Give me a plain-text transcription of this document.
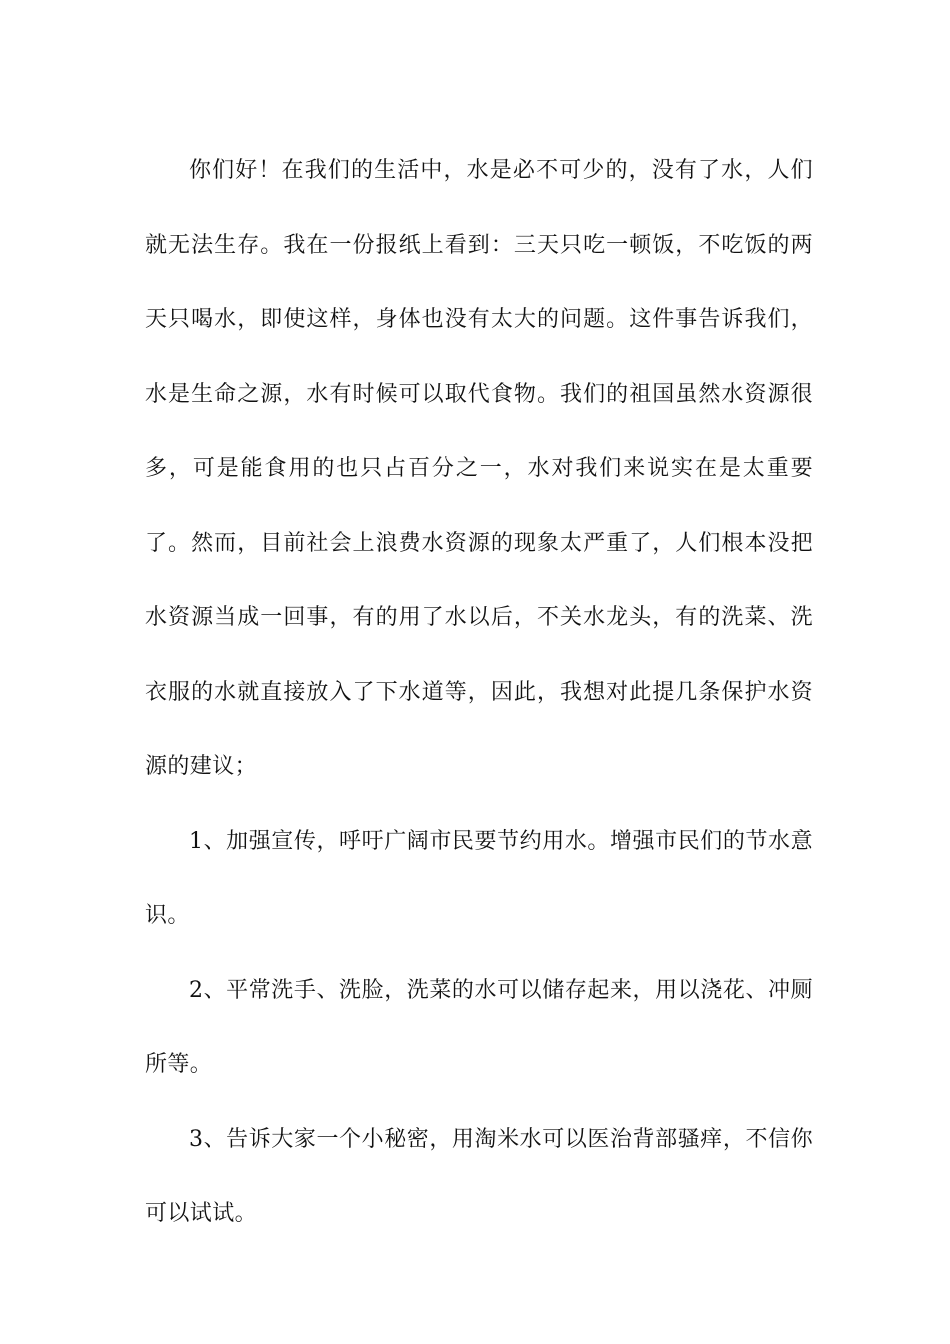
你们好！在我们的生活中，水是必不可少的，没有了水，人们就无法生存。我在一份报纸上看到：三天只吃一顿饭，不吃饭的两天只喝水，即使这样，身体也没有太大的问题。这件事告诉我们，水是生命之源，水有时候可以取代食物。我们的祖国虽然水资源很多，可是能食用的也只占百分之一，水对我们来说实在是太重要了。然而，目前社会上浪费水资源的现象太严重了，人们根本没把水资源当成一回事，有的用了水以后，不关水龙头，有的洗菜、洗衣服的水就直接放入了下水道等，因此，我想对此提几条保护水资源的建议；

1、加强宣传，呼吁广阔市民要节约用水。增强市民们的节水意识。

2、平常洗手、洗脸，洗菜的水可以储存起来，用以浇花、冲厕所等。

3、告诉大家一个小秘密，用淘米水可以医治背部骚痒，不信你可以试试。
